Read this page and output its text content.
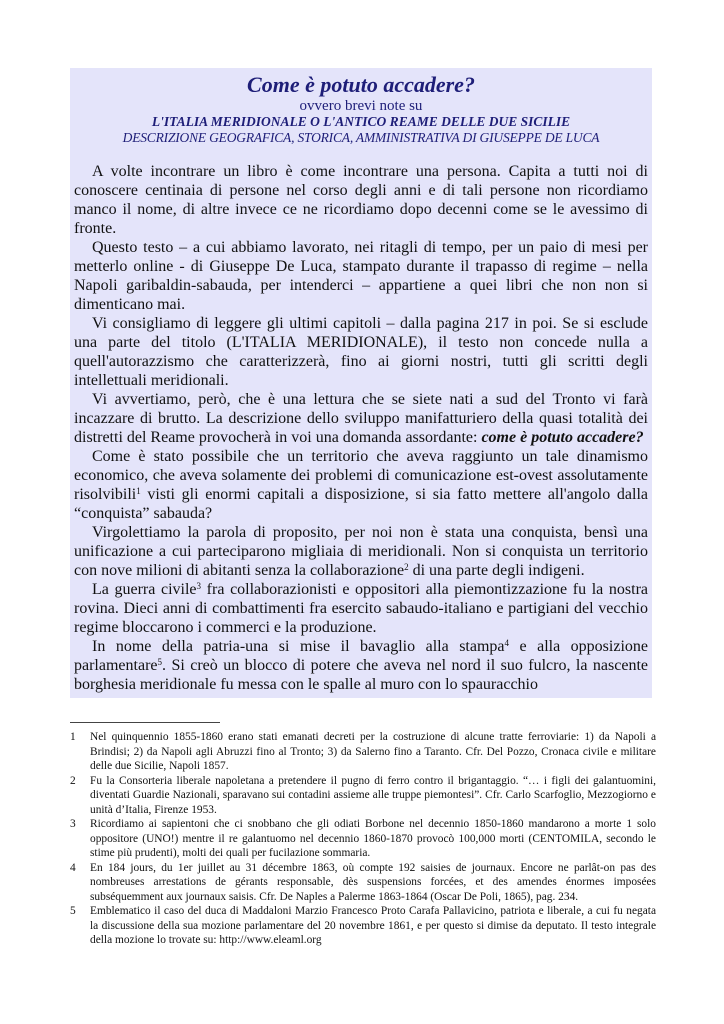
Come è potuto accadere?
ovvero brevi note su
L'ITALIA MERIDIONALE O L'ANTICO REAME DELLE DUE SICILIE
DESCRIZIONE GEOGRAFICA, STORICA, AMMINISTRATIVA DI GIUSEPPE DE LUCA

A volte incontrare un libro è come incontrare una persona. Capita a tutti noi di conoscere centinaia di persone nel corso degli anni e di tali persone non ricordiamo manco il nome, di altre invece ce ne ricordiamo dopo decenni come se le avessimo di fronte.

Questo testo – a cui abbiamo lavorato, nei ritagli di tempo, per un paio di mesi per metterlo online - di Giuseppe De Luca, stampato durante il trapasso di regime – nella Napoli garibaldin-sabauda, per intenderci – appartiene a quei libri che non non si dimenticano mai.

Vi consigliamo di leggere gli ultimi capitoli – dalla pagina 217 in poi. Se si esclude una parte del titolo (L'ITALIA MERIDIONALE), il testo non concede nulla a quell'autorazzismo che caratterizzerà, fino ai giorni nostri, tutti gli scritti degli intellettuali meridionali.

Vi avvertiamo, però, che è una lettura che se siete nati a sud del Tronto vi farà incazzare di brutto. La descrizione dello sviluppo manifatturiero della quasi totalità dei distretti del Reame provocherà in voi una domanda assordante: come è potuto accadere?

Come è stato possibile che un territorio che aveva raggiunto un tale dinamismo economico, che aveva solamente dei problemi di comunicazione est-ovest assolutamente risolvibili$^1$ visti gli enormi capitali a disposizione, si sia fatto mettere all'angolo dalla “conquista” sabauda?

Virgolettiamo la parola di proposito, per noi non è stata una conquista, bensì una unificazione a cui parteciparono migliaia di meridionali. Non si conquista un territorio con nove milioni di abitanti senza la collaborazione$^2$ di una parte degli indigeni.

La guerra civile$^3$ fra collaborazionisti e oppositori alla piemontizzazione fu la nostra rovina. Dieci anni di combattimenti fra esercito sabaudo-italiano e partigiani del vecchio regime bloccarono i commerci e la produzione.

In nome della patria-una si mise il bavaglio alla stampa$^4$ e alla opposizione parlamentare$^5$. Si creò un blocco di potere che aveva nel nord il suo fulcro, la nascente borghesia meridionale fu messa con le spalle al muro con lo spauracchio

1	Nel quinquennio 1855-1860 erano stati emanati decreti per la costruzione di alcune tratte ferroviarie: 1) da Napoli a Brindisi; 2) da Napoli agli Abruzzi fino al Tronto; 3) da Salerno fino a Taranto. Cfr. Del Pozzo, Cronaca civile e militare delle due Sicilie, Napoli 1857.
2	Fu la Consorteria liberale napoletana a pretendere il pugno di ferro contro il brigantaggio. “… i figli dei galantuomini, diventati Guardie Nazionali, sparavano sui contadini assieme alle truppe piemontesi”. Cfr. Carlo Scarfoglio, Mezzogiorno e unità d’Italia, Firenze 1953.
3	Ricordiamo ai sapientoni che ci snobbano che gli odiati Borbone nel decennio 1850-1860 mandarono a morte 1 solo oppositore (UNO!) mentre il re galantuomo nel decennio 1860-1870 provocò 100,000 morti (CENTOMILA, secondo le stime più prudenti), molti dei quali per fucilazione sommaria.
4	En 184 jours, du 1er juillet au 31 décembre 1863, où compte 192 saisies de journaux. Encore ne parlât-on pas des nombreuses arrestations de gérants responsable, dès suspensions forcées, et des amendes énormes imposées subséquemment aux journaux saisis. Cfr. De Naples a Palerme 1863-1864 (Oscar De Poli, 1865), pag. 234.
5	Emblematico il caso del duca di Maddaloni Marzio Francesco Proto Carafa Pallavicino, patriota e liberale, a cui fu negata la discussione della sua mozione parlamentare del 20 novembre 1861, e per questo si dimise da deputato. Il testo integrale della mozione lo trovate su: http://www.eleaml.org
